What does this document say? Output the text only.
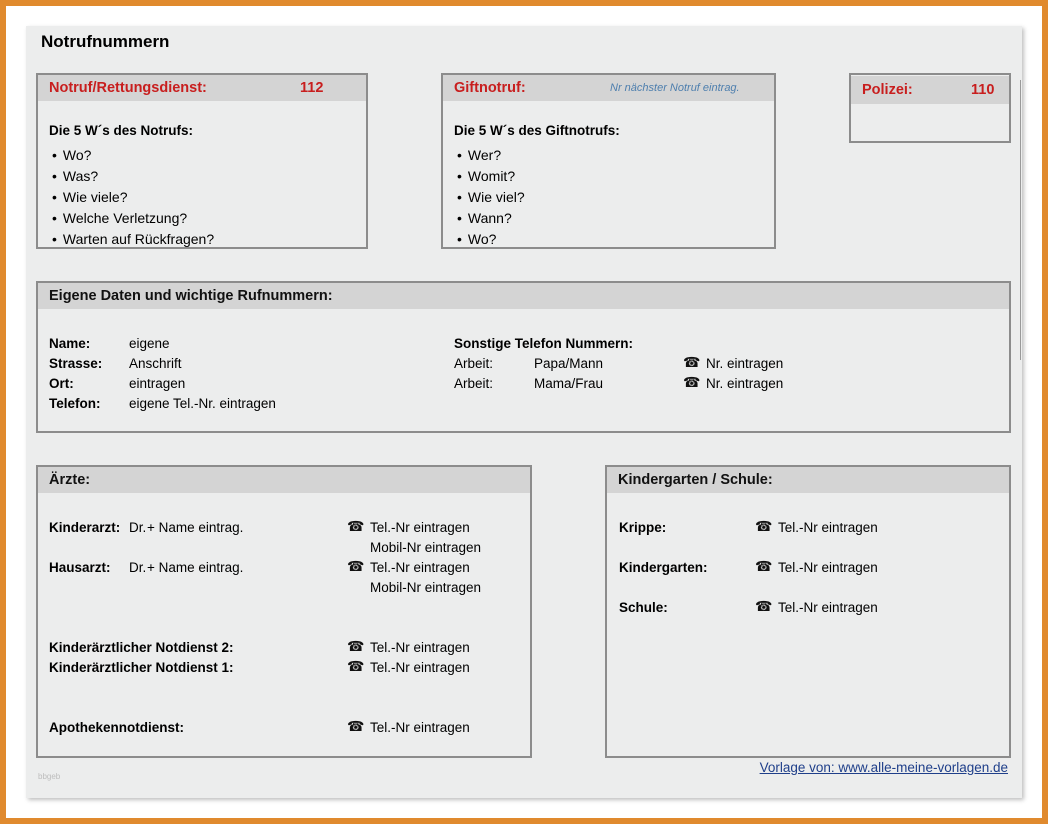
Notrufnummern
Notruf/Rettungsdienst:	112
Die 5 W´s des Notrufs:
• Wo?
• Was?
• Wie viele?
• Welche Verletzung?
• Warten auf Rückfragen?
Giftnotruf:	Nr nächster Notruf eintrag.
Die 5 W´s des Giftnotrufs:
• Wer?
• Womit?
• Wie viel?
• Wann?
• Wo?
Polizei:	110
Eigene Daten und wichtige Rufnummern:
Name:	eigene
Strasse: Anschrift
Ort:	eintragen
Telefon: eigene Tel.-Nr. eintragen
Sonstige Telefon Nummern:
Arbeit:	Papa/Mann	☎ Nr. eintragen
Arbeit:	Mama/Frau	☎ Nr. eintragen
Ärzte:
Kinderarzt: Dr. + Name eintrag.	☎ Tel.-Nr eintragen
Mobil-Nr eintragen
Hausarzt: Dr. + Name eintrag.	☎ Tel.-Nr eintragen
Mobil-Nr eintragen
Kinderärztlicher Notdienst 2:	☎ Tel.-Nr eintragen
Kinderärztlicher Notdienst 1:	☎ Tel.-Nr eintragen
Apothekennotdienst:	☎ Tel.-Nr eintragen
Kindergarten / Schule:
Krippe:	☎ Tel.-Nr eintragen
Kindergarten:	☎ Tel.-Nr eintragen
Schule:	☎ Tel.-Nr eintragen
Vorlage von: www.alle-meine-vorlagen.de
bbgeb
